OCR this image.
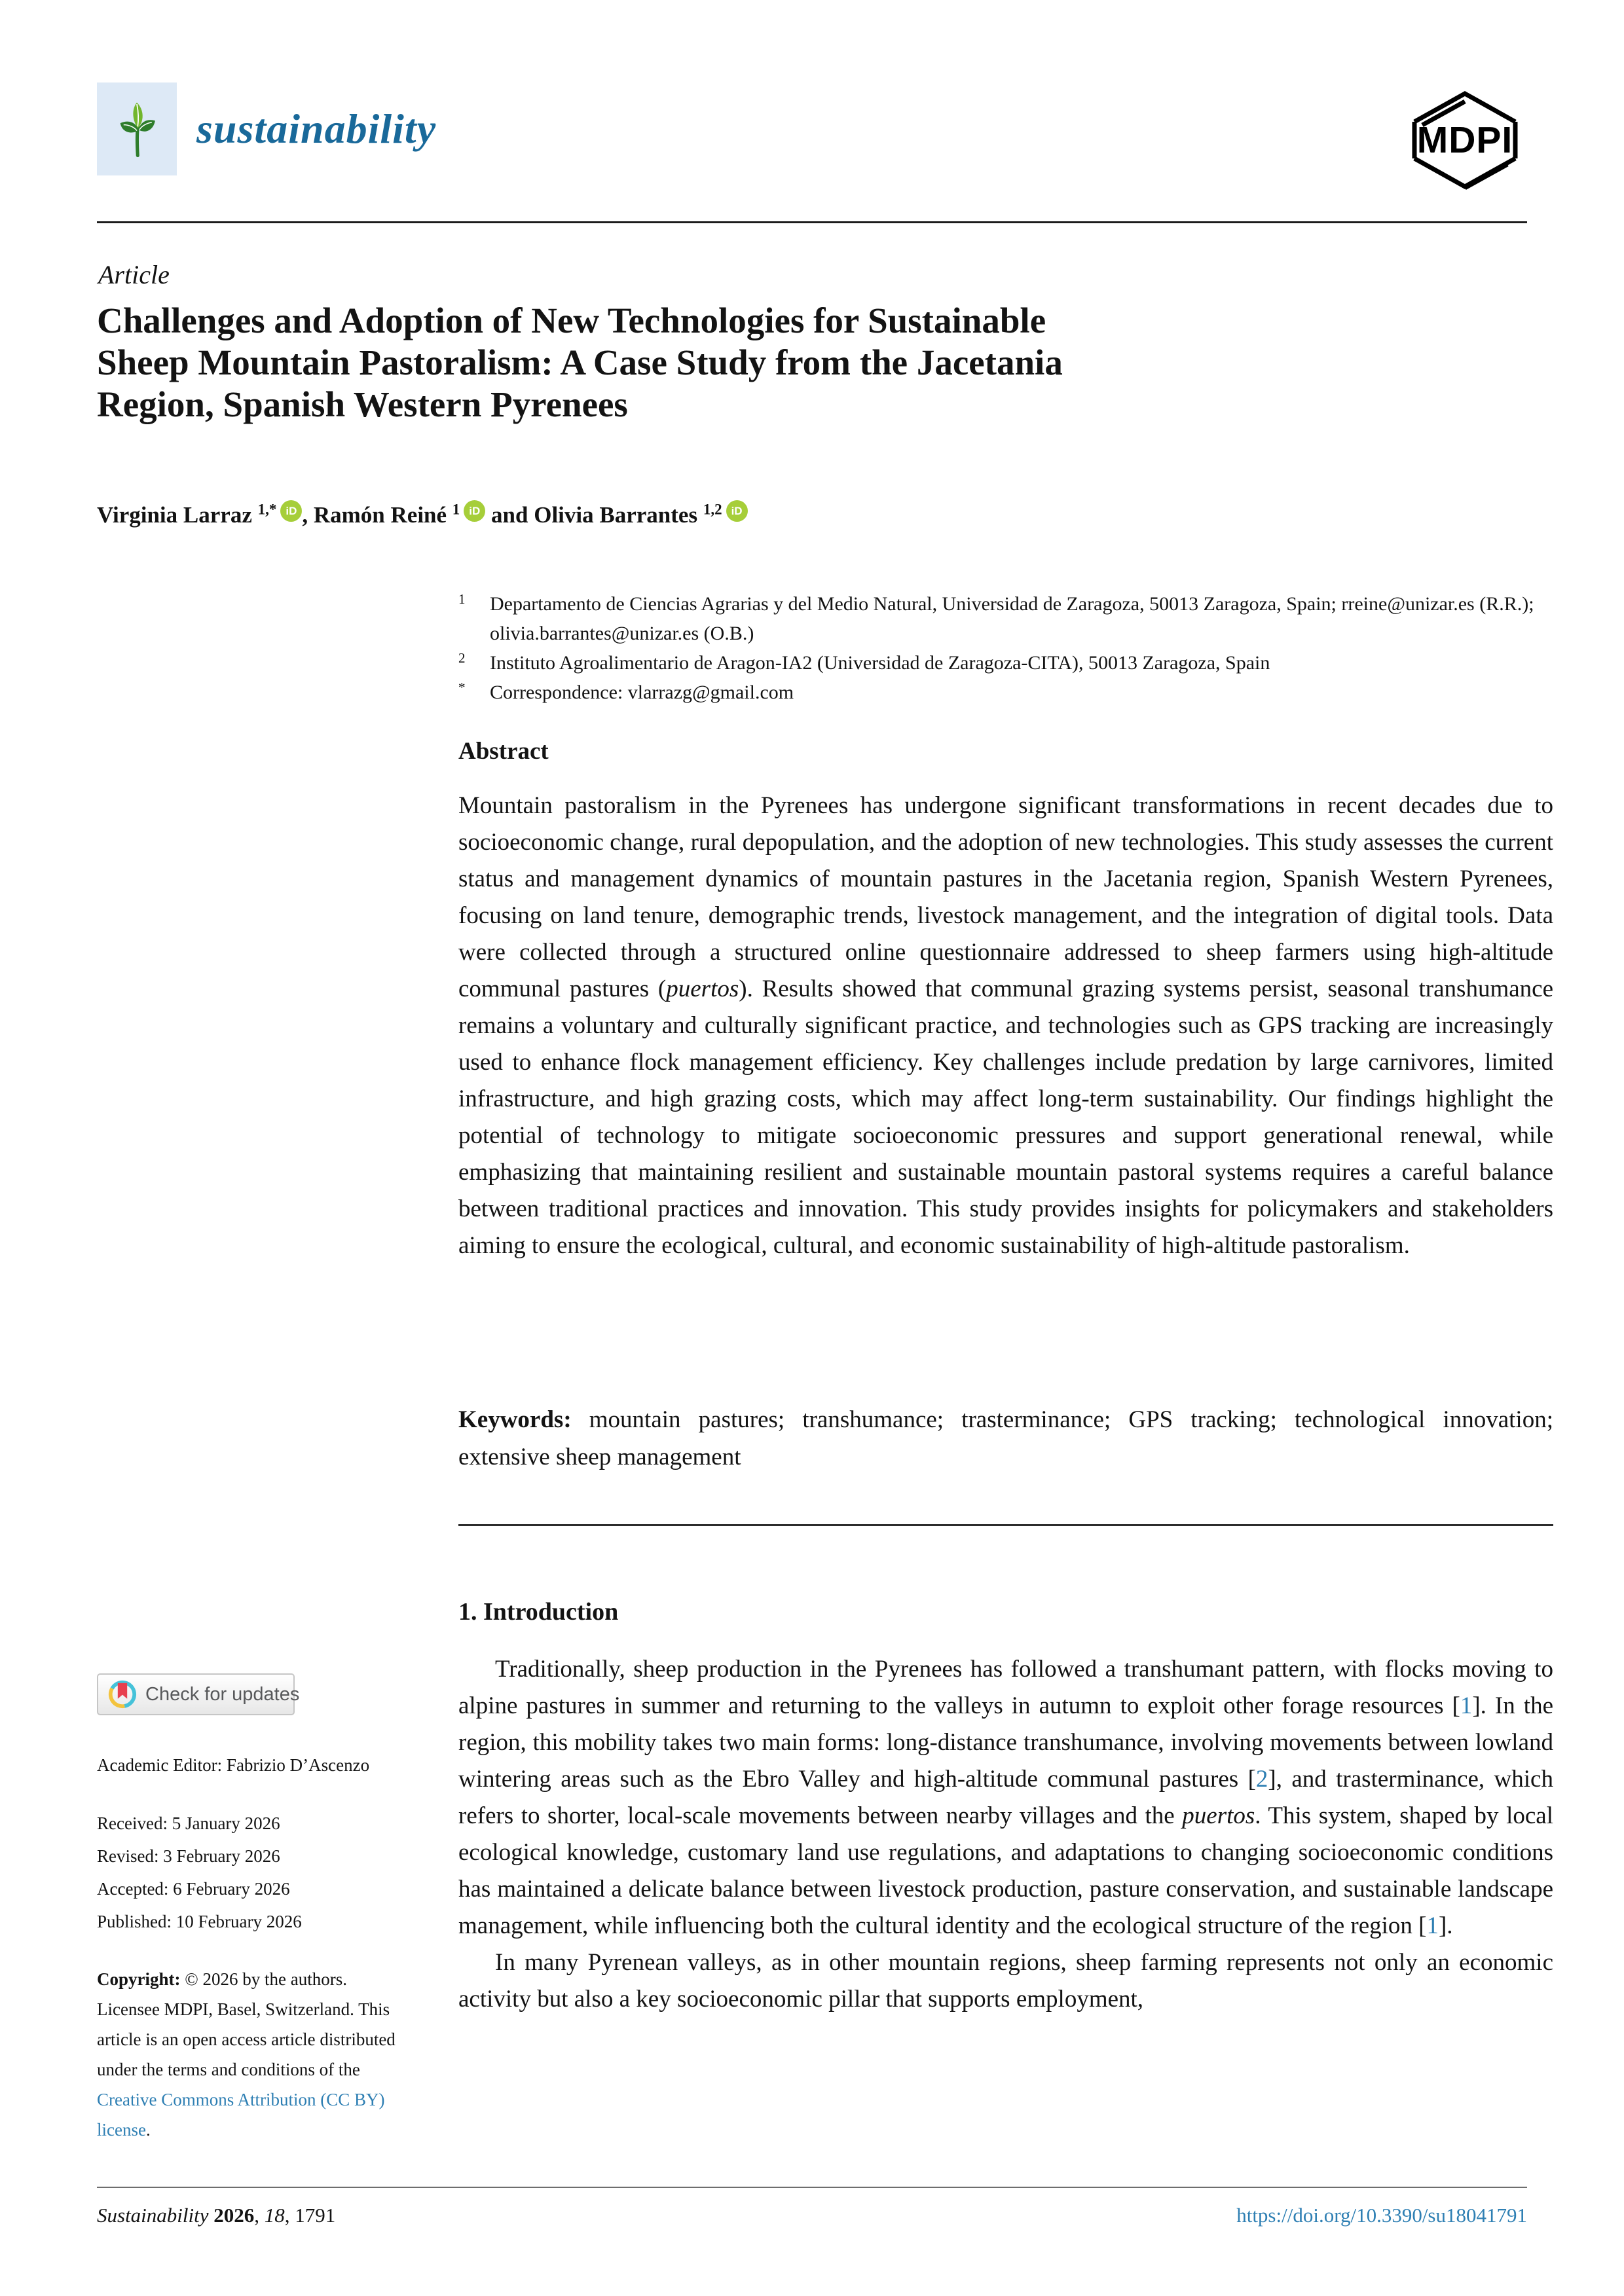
sustainability	MDPI
Article
Challenges and Adoption of New Technologies for Sustainable
Sheep Mountain Pastoralism: A Case Study from the Jacetania
Region, Spanish Western Pyrenees
Virginia Larraz $^{1,*}$ iD , Ramón Reiné $^1$ iD and Olivia Barrantes $^{1,2}$ iD
1	Departamento de Ciencias Agrarias y del Medio Natural, Universidad de Zaragoza, 50013 Zaragoza, Spain; rreine@unizar.es (R.R.); olivia.barrantes@unizar.es (O.B.)
2	Instituto Agroalimentario de Aragon-IA2 (Universidad de Zaragoza-CITA), 50013 Zaragoza, Spain
*	Correspondence: vlarrazg@gmail.com
Abstract

Mountain pastoralism in the Pyrenees has undergone significant transformations in recent decades due to socioeconomic change, rural depopulation, and the adoption of new technologies. This study assesses the current status and management dynamics of mountain pastures in the Jacetania region, Spanish Western Pyrenees, focusing on land tenure, demographic trends, livestock management, and the integration of digital tools. Data were collected through a structured online questionnaire addressed to sheep farmers using high-altitude communal pastures (puertos). Results showed that communal grazing systems persist, seasonal transhumance remains a voluntary and culturally significant practice, and technologies such as GPS tracking are increasingly used to enhance flock management efficiency. Key challenges include predation by large carnivores, limited infrastructure, and high grazing costs, which may affect long-term sustainability. Our findings highlight the potential of technology to mitigate socioeconomic pressures and support generational renewal, while emphasizing that maintaining resilient and sustainable mountain pastoral systems requires a careful balance between traditional practices and innovation. This study provides insights for policymakers and stakeholders aiming to ensure the ecological, cultural, and economic sustainability of high-altitude pastoralism.

Keywords: mountain pastures; transhumance; trasterminance; GPS tracking; technological innovation; extensive sheep management

Check for updates
Academic Editor: Fabrizio D’Ascenzo
Received: 5 January 2026
Revised: 3 February 2026
Accepted: 6 February 2026
Published: 10 February 2026

Copyright: © 2026 by the authors. Licensee MDPI, Basel, Switzerland. This article is an open access article distributed under the terms and conditions of the Creative Commons Attribution (CC BY) license.

1. Introduction

Traditionally, sheep production in the Pyrenees has followed a transhumant pattern, with flocks moving to alpine pastures in summer and returning to the valleys in autumn to exploit other forage resources [1]. In the region, this mobility takes two main forms: long-distance transhumance, involving movements between lowland wintering areas such as the Ebro Valley and high-altitude communal pastures [2], and trasterminance, which refers to shorter, local-scale movements between nearby villages and the puertos. This system, shaped by local ecological knowledge, customary land use regulations, and adaptations to changing socioeconomic conditions has maintained a delicate balance between livestock production, pasture conservation, and sustainable landscape management, while influencing both the cultural identity and the ecological structure of the region [1].

In many Pyrenean valleys, as in other mountain regions, sheep farming represents not only an economic activity but also a key socioeconomic pillar that supports employment,

Sustainability 2026, 18, 1791	https://doi.org/10.3390/su18041791
